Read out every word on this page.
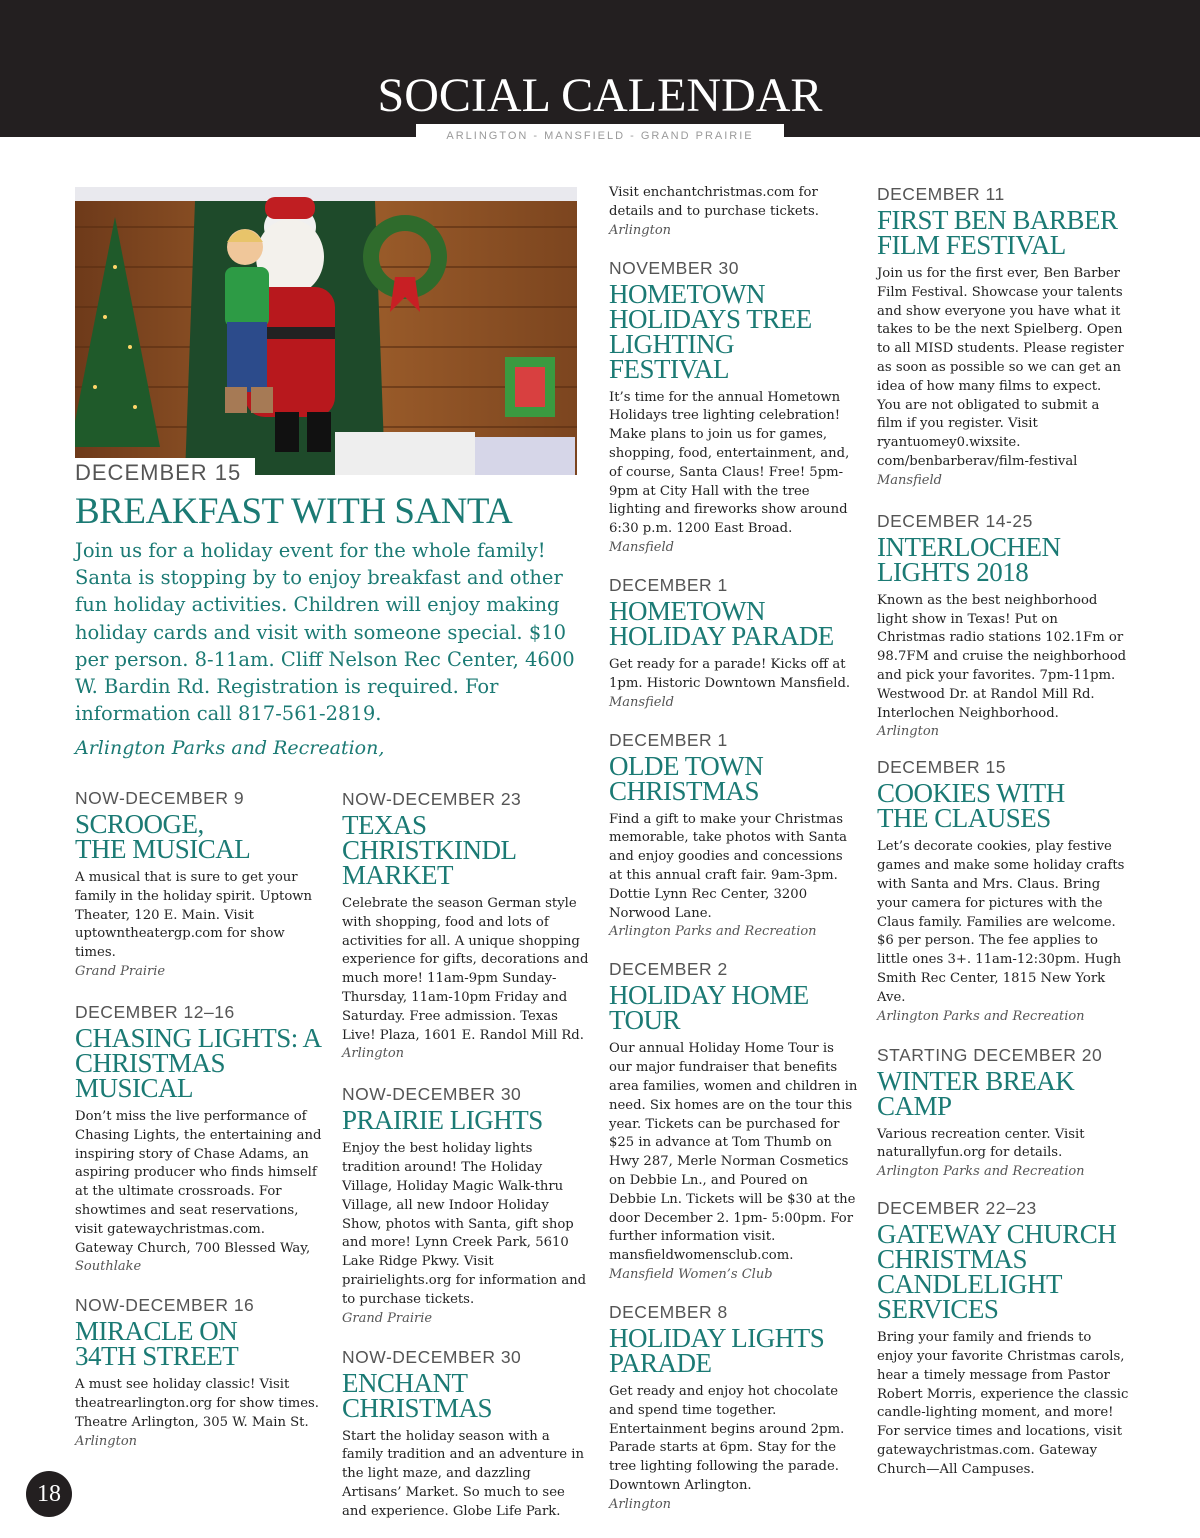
SOCIAL CALENDAR
ARLINGTON - MANSFIELD - GRAND PRAIRIE
DECEMBER 15
BREAKFAST WITH SANTA
Join us for a holiday event for the whole family! Santa is stopping by to enjoy breakfast and other fun holiday activities. Children will enjoy making holiday cards and visit with someone special. $10 per person. 8-11am. Cliff Nelson Rec Center, 4600 W. Bardin Rd. Registration is required. For information call 817-561-2819.
Arlington Parks and Recreation,
NOW-DECEMBER 9
SCROOGE,
THE MUSICAL
A musical that is sure to get your family in the holiday spirit. Uptown Theater, 120 E. Main. Visit uptowntheatergp.com for show times.
Grand Prairie
DECEMBER 12–16
CHASING LIGHTS: A CHRISTMAS MUSICAL
Don’t miss the live performance of Chasing Lights, the entertaining and inspiring story of Chase Adams, an aspiring producer who finds himself at the ultimate crossroads. For showtimes and seat reservations, visit gatewaychristmas.com. Gateway Church, 700 Blessed Way,
Southlake
NOW-DECEMBER 16
MIRACLE ON
34TH STREET
A must see holiday classic! Visit theatrearlington.org for show times. Theatre Arlington, 305 W. Main St.
Arlington
NOW-DECEMBER 23
TEXAS CHRISTKINDL MARKET
Celebrate the season German style with shopping, food and lots of activities for all. A unique shopping experience for gifts, decorations and much more! 11am-9pm Sunday-Thursday, 11am-10pm Friday and Saturday. Free admission. Texas Live! Plaza, 1601 E. Randol Mill Rd.
Arlington
NOW-DECEMBER 30
PRAIRIE LIGHTS
Enjoy the best holiday lights tradition around! The Holiday Village, Holiday Magic Walk-thru Village, all new Indoor Holiday Show, photos with Santa, gift shop and more! Lynn Creek Park, 5610 Lake Ridge Pkwy. Visit prairielights.org for information and to purchase tickets.
Grand Prairie
NOW-DECEMBER 30
ENCHANT
CHRISTMAS
Start the holiday season with a family tradition and an adventure in the light maze, and dazzling Artisans’ Market. So much to see and experience. Globe Life Park.
Visit enchantchristmas.com for details and to purchase tickets.
Arlington
NOVEMBER 30
HOMETOWN HOLIDAYS TREE LIGHTING FESTIVAL
It’s time for the annual Hometown Holidays tree lighting celebration! Make plans to join us for games, shopping, food, entertainment, and, of course, Santa Claus! Free! 5pm-9pm at City Hall with the tree lighting and fireworks show around 6:30 p.m. 1200 East Broad.
Mansfield
DECEMBER 1
HOMETOWN
HOLIDAY PARADE
Get ready for a parade! Kicks off at 1pm. Historic Downtown Mansfield.
Mansfield
DECEMBER 1
OLDE TOWN
CHRISTMAS
Find a gift to make your Christmas memorable, take photos with Santa and enjoy goodies and concessions at this annual craft fair. 9am-3pm. Dottie Lynn Rec Center, 3200 Norwood Lane.
Arlington Parks and Recreation
DECEMBER 2
HOLIDAY HOME TOUR
Our annual Holiday Home Tour is our major fundraiser that benefits area families, women and children in need. Six homes are on the tour this year. Tickets can be purchased for $25 in advance at Tom Thumb on Hwy 287, Merle Norman Cosmetics on Debbie Ln., and Poured on Debbie Ln. Tickets will be $30 at the door December 2. 1pm- 5:00pm. For further information visit. mansfieldwomensclub.com.
Mansfield Women’s Club
DECEMBER 8
HOLIDAY LIGHTS
PARADE
Get ready and enjoy hot chocolate and spend time together. Entertainment begins around 2pm. Parade starts at 6pm. Stay for the tree lighting following the parade. Downtown Arlington.
Arlington
DECEMBER 11
FIRST BEN BARBER
FILM FESTIVAL
Join us for the first ever, Ben Barber Film Festival. Showcase your talents and show everyone you have what it takes to be the next Spielberg. Open to all MISD students. Please register as soon as possible so we can get an idea of how many films to expect. You are not obligated to submit a film if you register. Visit ryantuomey0.wixsite. com/benbarberav/film-festival
Mansfield
DECEMBER 14-25
INTERLOCHEN
LIGHTS 2018
Known as the best neighborhood light show in Texas! Put on Christmas radio stations 102.1Fm or 98.7FM and cruise the neighborhood and pick your favorites. 7pm-11pm. Westwood Dr. at Randol Mill Rd. Interlochen Neighborhood.
Arlington
DECEMBER 15
COOKIES WITH
THE CLAUSES
Let’s decorate cookies, play festive games and make some holiday crafts with Santa and Mrs. Claus. Bring your camera for pictures with the Claus family. Families are welcome. $6 per person. The fee applies to little ones 3+. 11am-12:30pm. Hugh Smith Rec Center, 1815 New York Ave.
Arlington Parks and Recreation
STARTING DECEMBER 20
WINTER BREAK CAMP
Various recreation center. Visit naturallyfun.org for details.
Arlington Parks and Recreation
DECEMBER 22–23
GATEWAY CHURCH
CHRISTMAS
CANDLELIGHT
SERVICES
Bring your family and friends to enjoy your favorite Christmas carols, hear a timely message from Pastor Robert Morris, experience the classic candle-lighting moment, and more! For service times and locations, visit gatewaychristmas.com. Gateway Church—All Campuses.
18
